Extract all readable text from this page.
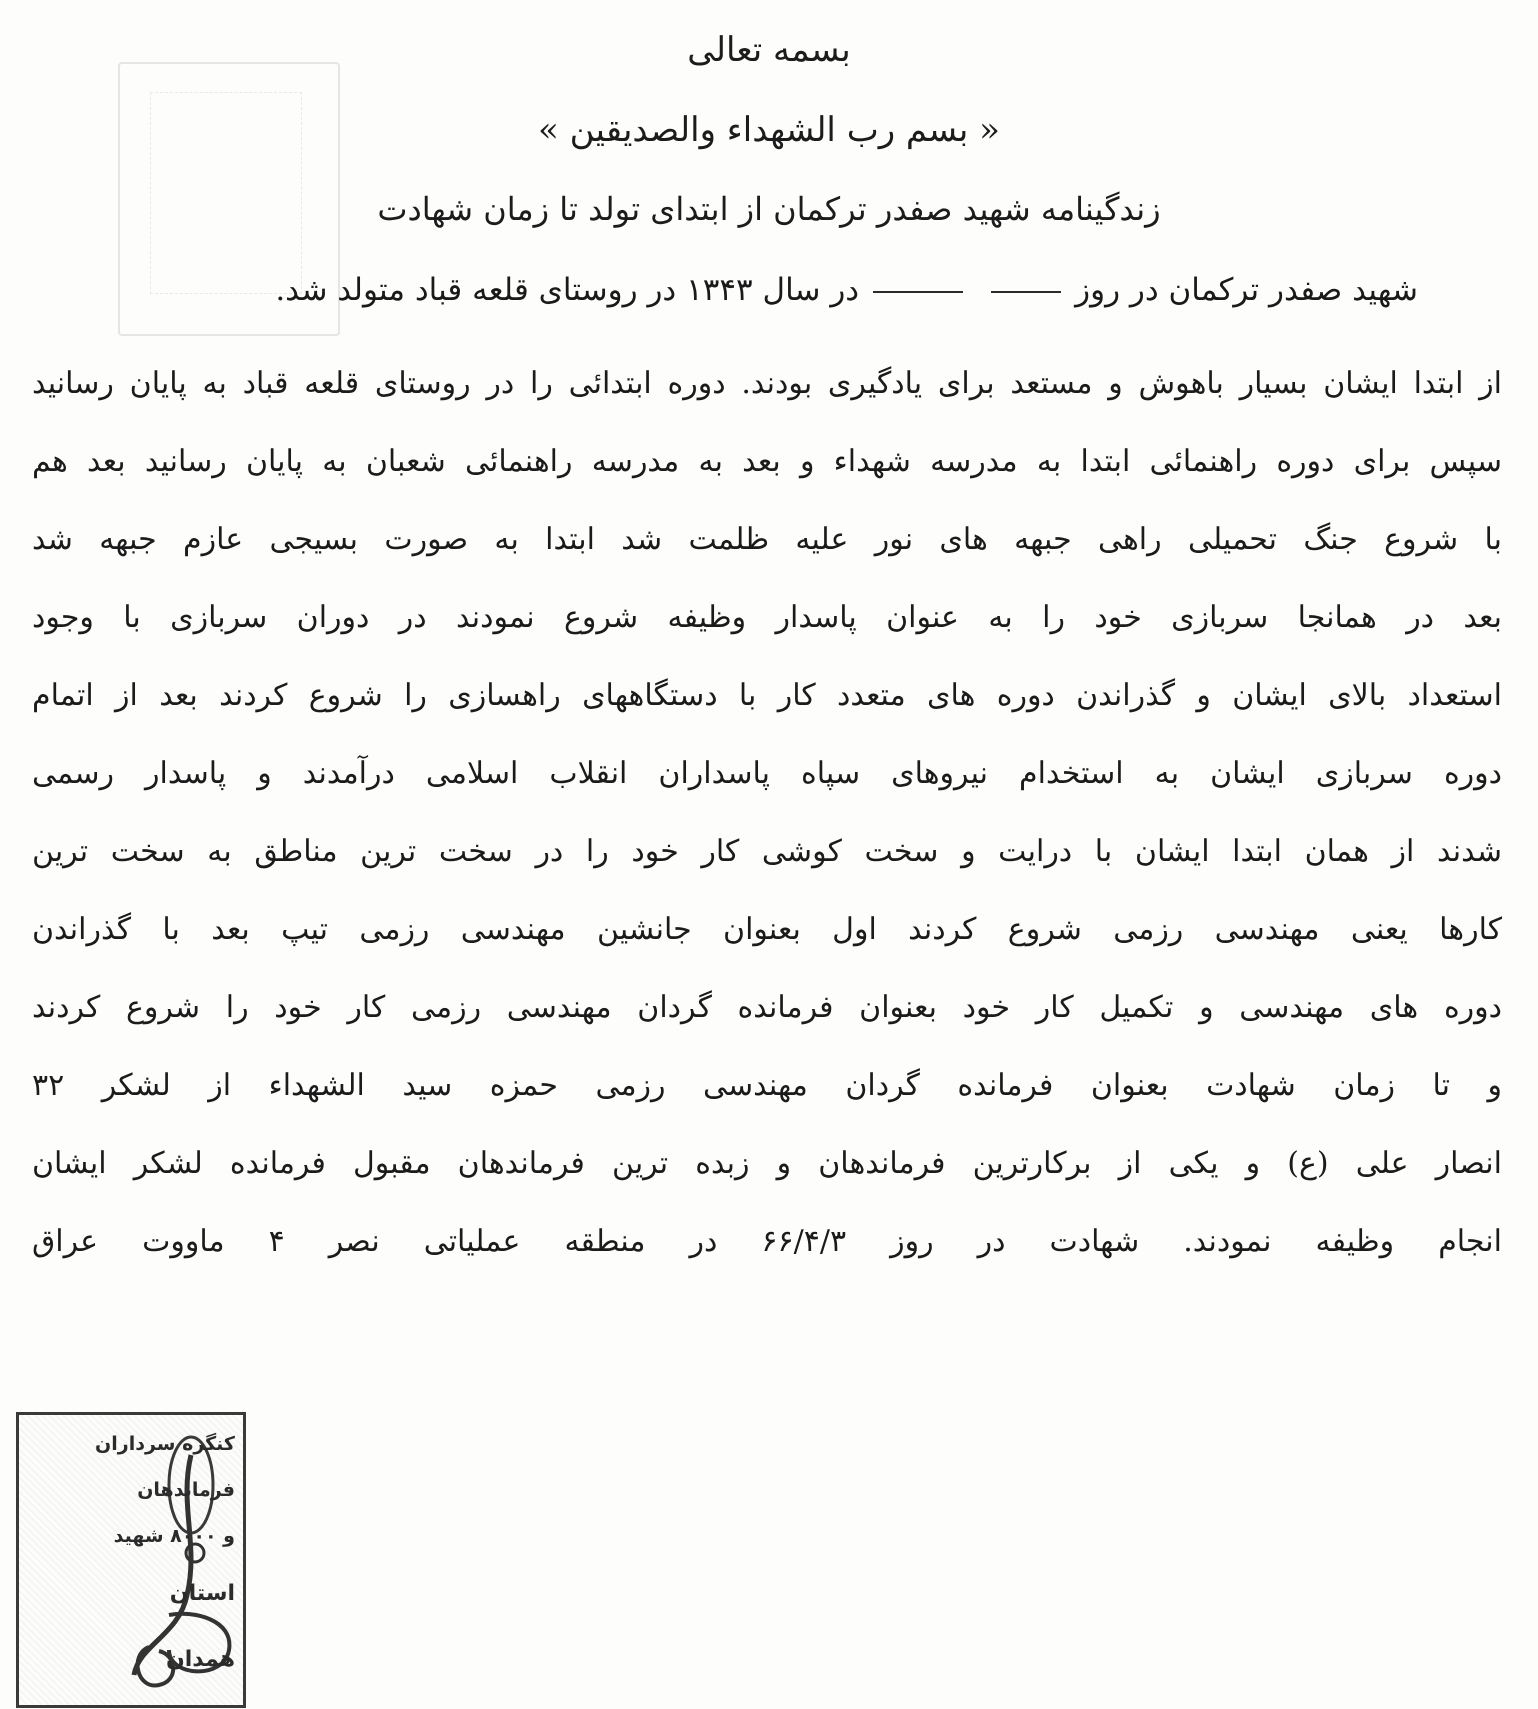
بسمه تعالی
« بسم رب الشهداء والصدیقین »
زندگینامه شهید صفدر ترکمان از ابتدای تولد تا زمان شهادت
شهید صفدر ترکمان در روزدر سال ۱۳۴۳ در روستای قلعه قباد متولد شد.
از ابتدا ایشان بسیار باهوش و مستعد برای یادگیری بودند. دوره ابتدائی را در روستای قلعه قباد به پایان رسانید
سپس برای دوره راهنمائی ابتدا به مدرسه شهداء و بعد به مدرسه راهنمائی شعبان به پایان رسانید بعد هم
با شروع جنگ تحمیلی راهی جبهه های نور علیه ظلمت شد ابتدا به صورت بسیجی عازم جبهه شد
بعد در همانجا سربازی خود را به عنوان پاسدار وظیفه شروع نمودند در دوران سربازی با وجود
استعداد بالای ایشان و گذراندن دوره های متعدد کار با دستگاههای راهسازی را شروع کردند بعد از اتمام
دوره سربازی ایشان به استخدام نیروهای سپاه پاسداران انقلاب اسلامی درآمدند و پاسدار رسمی
شدند از همان ابتدا ایشان با درایت و سخت کوشی کار خود را در سخت ترین مناطق به سخت ترین
کارها یعنی مهندسی رزمی شروع کردند اول بعنوان جانشین مهندسی رزمی تیپ بعد با گذراندن
دوره های مهندسی و تکمیل کار خود بعنوان فرمانده گردان مهندسی رزمی کار خود را شروع کردند
و تا زمان شهادت بعنوان فرمانده گردان مهندسی رزمی حمزه سید الشهداء از لشکر ۳۲
انصار علی (ع) و یکی از برکارترین فرماندهان و زبده ترین فرماندهان مقبول فرمانده لشکر ایشان
انجام وظیفه نمودند. شهادت در روز ۶۶/۴/۳ در منطقه عملیاتی نصر ۴ ماووت عراق
کنگره سرداران
فرماندهان
و ۸۰۰۰ شهید
استان
همدان
